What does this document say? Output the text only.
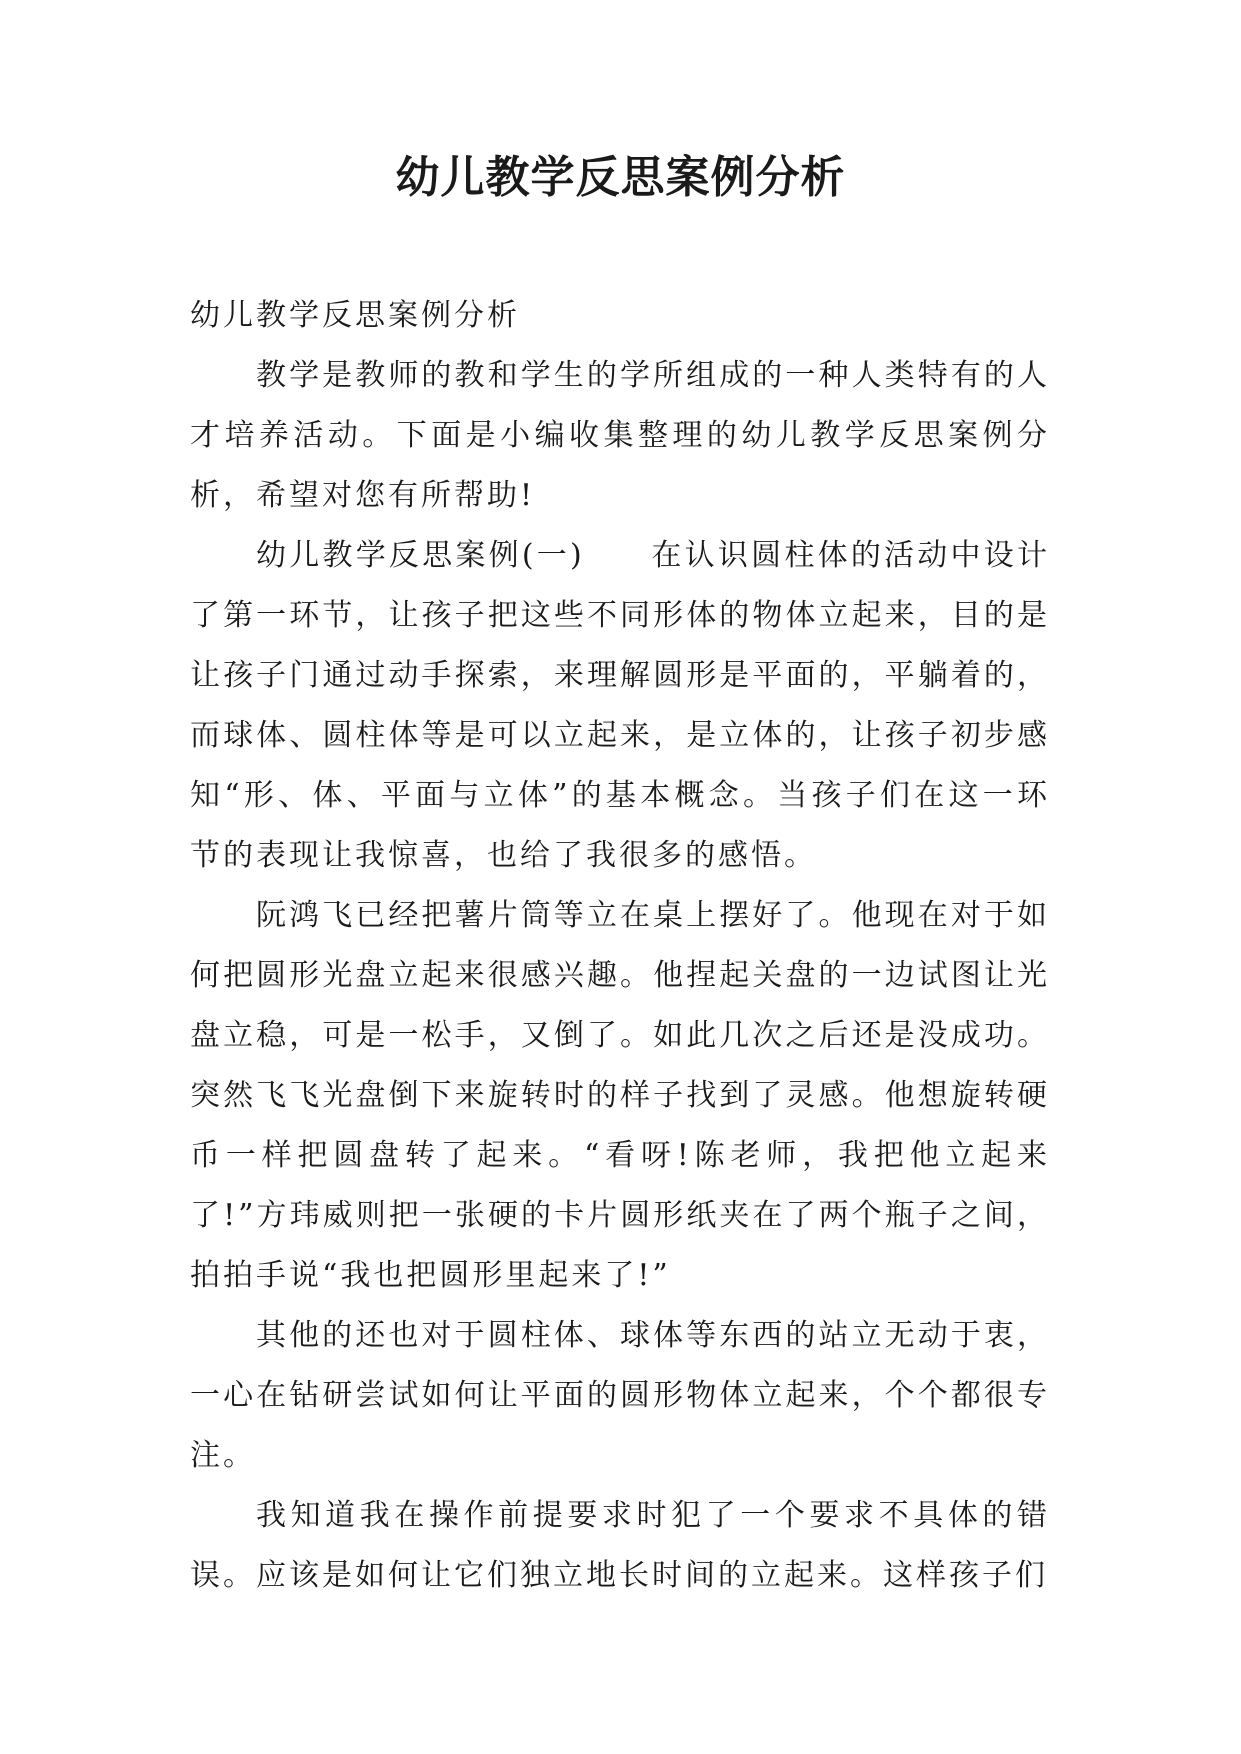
幼儿教学反思案例分析

幼儿教学反思案例分析

教学是教师的教和学生的学所组成的一种人类特有的人才培养活动。下面是小编收集整理的幼儿教学反思案例分析，希望对您有所帮助!

幼儿教学反思案例(一)　　在认识圆柱体的活动中设计了第一环节，让孩子把这些不同形体的物体立起来，目的是让孩子门通过动手探索，来理解圆形是平面的，平躺着的，而球体、圆柱体等是可以立起来，是立体的，让孩子初步感知“形、体、平面与立体”的基本概念。当孩子们在这一环节的表现让我惊喜，也给了我很多的感悟。

阮鸿飞已经把薯片筒等立在桌上摆好了。他现在对于如何把圆形光盘立起来很感兴趣。他捏起关盘的一边试图让光盘立稳，可是一松手，又倒了。如此几次之后还是没成功。突然飞飞光盘倒下来旋转时的样子找到了灵感。他想旋转硬币一样把圆盘转了起来。“看呀!陈老师，我把他立起来了!”方玮威则把一张硬的卡片圆形纸夹在了两个瓶子之间，拍拍手说“我也把圆形里起来了!”

其他的还也对于圆柱体、球体等东西的站立无动于衷，一心在钻研尝试如何让平面的圆形物体立起来，个个都很专注。

我知道我在操作前提要求时犯了一个要求不具体的错误。应该是如何让它们独立地长时间的立起来。这样孩子们
